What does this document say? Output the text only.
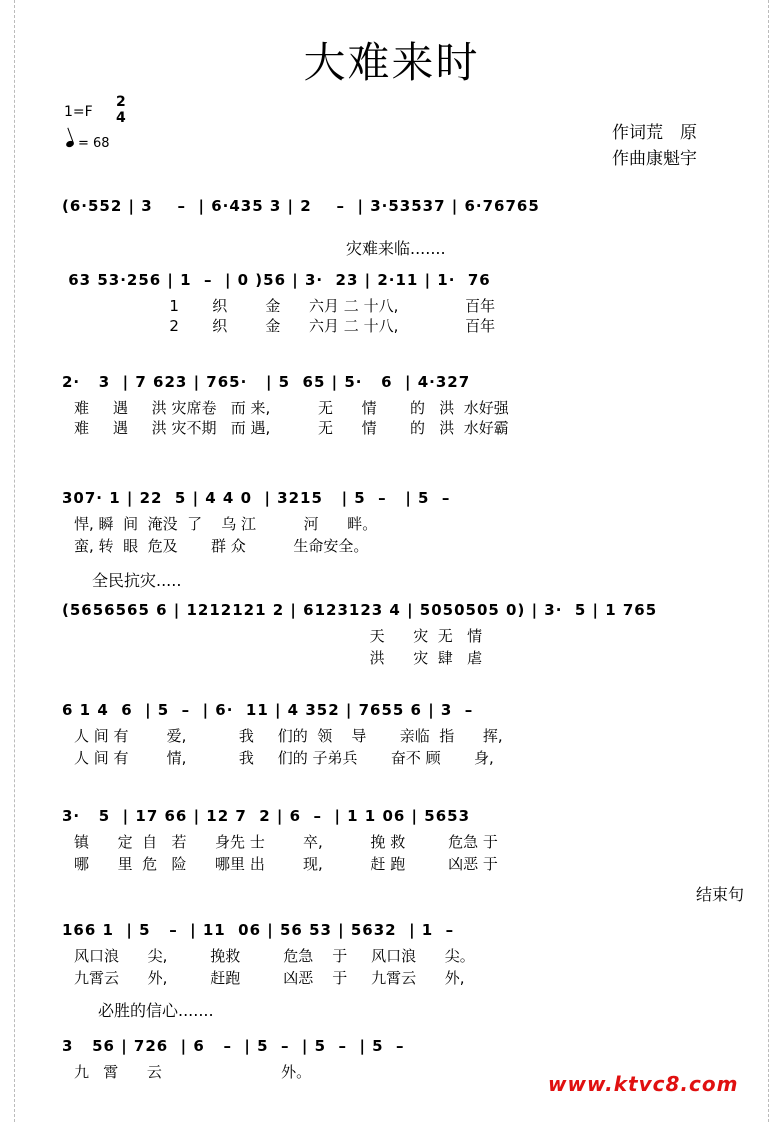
大难来时
1=F
2
4
= 68
作词荒　原
作曲康魁宇
(6·552 | 3    –  | 6·435 3 | 2    –  | 3·53537 | 6·76765
灾难来临.......
63 53·256 | 1  –  | 0 )56 | 3·  23 | 2·11 | 1·  76
1       织        金      六月 二 十八,              百年
2       织        金      六月 二 十八,              百年
2·   3  | 7 623 | 765·   | 5  65 | 5·   6  | 4·327
难     遇     洪 灾席卷   而 来,          无      情       的   洪  水好强
难     遇     洪 灾不期   而 遇,          无      情       的   洪  水好霸
307· 1 | 22  5 | 4 4 0  | 3215   | 5  –   | 5  –
悍, 瞬  间  淹没  了    乌 江          河      畔。
蛮, 转  眼  危及       群 众          生命安全。
全民抗灾.....
(5656565 6 | 1212121 2 | 6123123 4 | 5050505 0) | 3·  5 | 1 765
天      灾  无   情
洪      灾  肆   虐
6 1 4  6  | 5  –  | 6·  11 | 4 352 | 7655 6 | 3  –
人 间 有        爱,           我     们的  领    导       亲临  指      挥,
人 间 有        情,           我     们的 子弟兵       奋不 顾       身,
3·   5  | 17 66 | 12 7  2 | 6  –  | 1 1 06 | 5653
镇      定  自   若      身先 士        卒,          挽 救         危急 于
哪      里  危   险      哪里 出        现,          赶 跑         凶恶 于
结束句
166 1  | 5   –  | 11  06 | 56 53 | 5632  | 1  –
风口浪      尖,         挽救         危急    于     风口浪      尖。
九霄云      外,         赶跑         凶恶    于     九霄云      外,
必胜的信心.......
3   56 | 726  | 6   –  | 5  –  | 5  –  | 5  –
九   霄      云                         外。	www.ktvc8.com
